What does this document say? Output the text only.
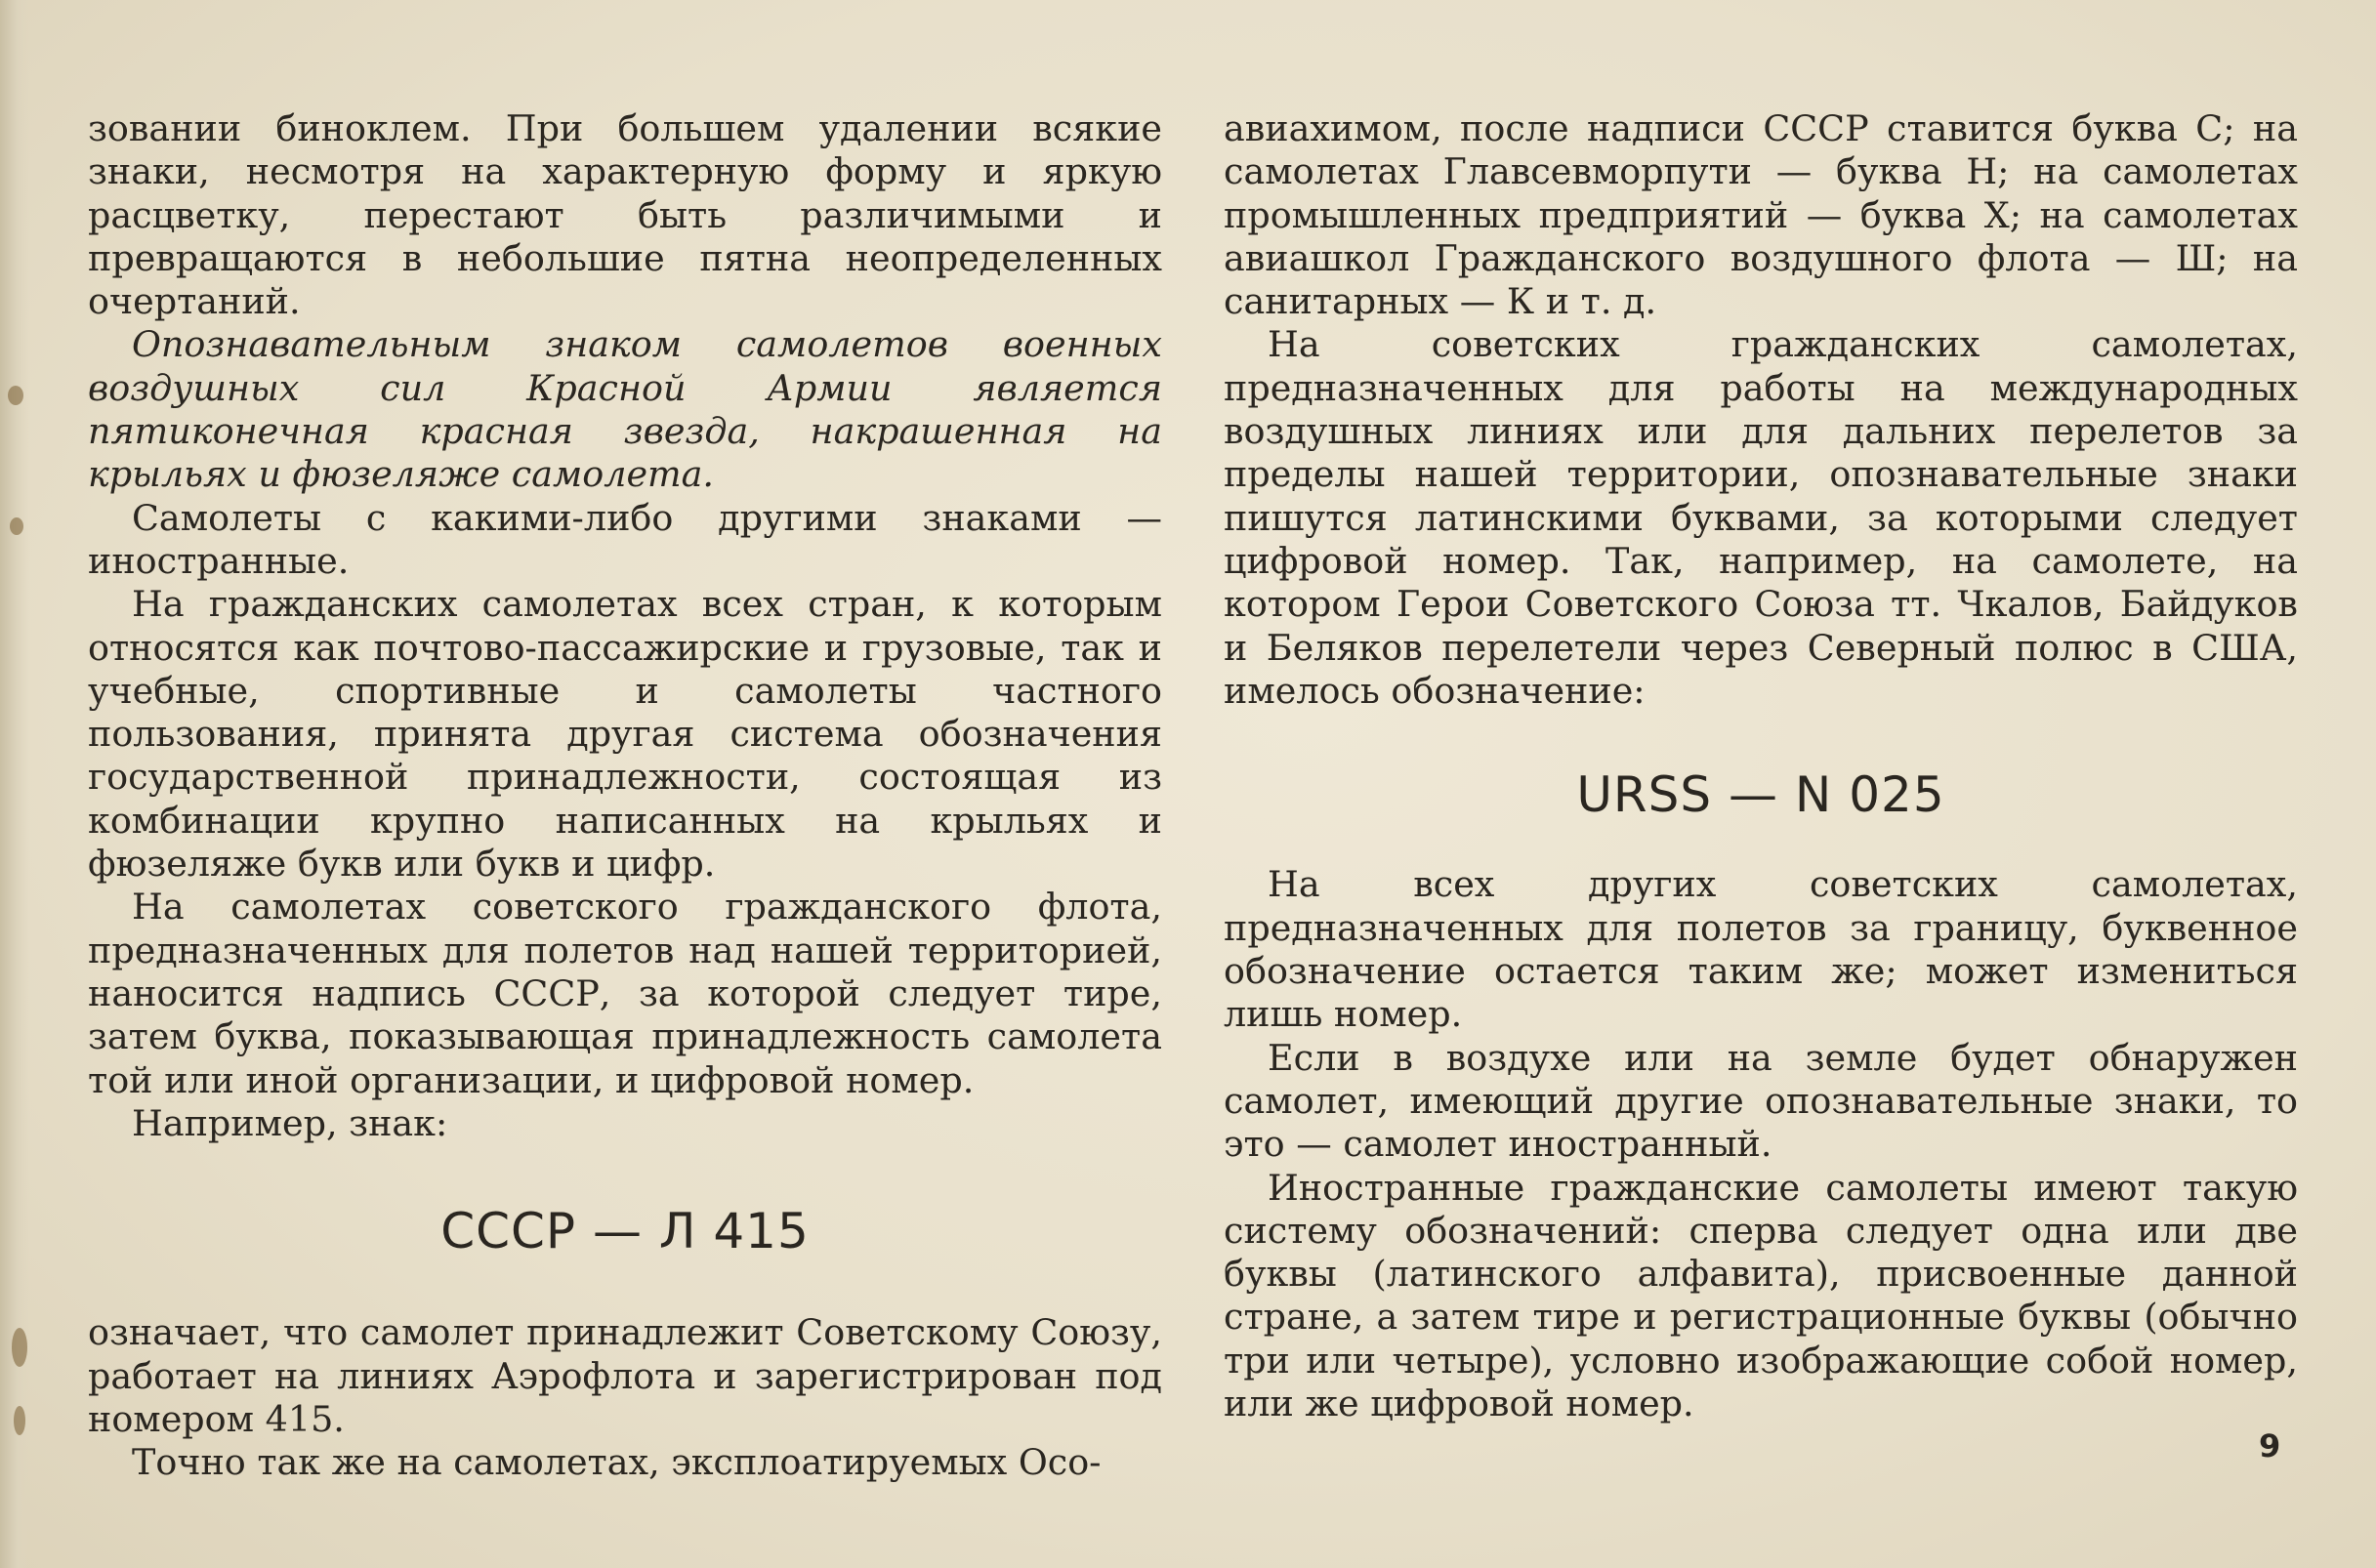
зовании биноклем. При большем удалении всякие знаки, несмотря на характерную форму и яркую расцветку, перестают быть различимыми и превращаются в небольшие пятна неопределенных очертаний.

Опознавательным знаком самолетов военных воздушных сил Красной Армии является пятиконечная красная звезда, накрашенная на крыльях и фюзеляже самолета.

Самолеты с какими-либо другими знаками — иностранные.

На гражданских самолетах всех стран, к которым относятся как почтово-пассажирские и грузовые, так и учебные, спортивные и самолеты частного пользования, принята другая система обозначения государственной принадлежности, состоящая из комбинации крупно написанных на крыльях и фюзеляже букв или букв и цифр.

На самолетах советского гражданского флота, предназначенных для полетов над нашей территорией, наносится надпись СССР, за которой следует тире, затем буква, показывающая принадлежность самолета той или иной организации, и цифровой номер.

Например, знак:

СССР — Л 415

означает, что самолет принадлежит Советскому Союзу, работает на линиях Аэрофлота и зарегистрирован под номером 415.

Точно так же на самолетах, эксплоатируемых Осо-

авиахимом, после надписи СССР ставится буква С; на самолетах Главсевморпути — буква Н; на самолетах промышленных предприятий — буква Х; на самолетах авиашкол Гражданского воздушного флота — Ш; на санитарных — К и т. д.

На советских гражданских самолетах, предназначенных для работы на международных воздушных линиях или для дальних перелетов за пределы нашей территории, опознавательные знаки пишутся латинскими буквами, за которыми следует цифровой номер. Так, например, на самолете, на котором Герои Советского Союза тт. Чкалов, Байдуков и Беляков перелетели через Северный полюс в США, имелось обозначение:

URSS — N 025

На всех других советских самолетах, предназначенных для полетов за границу, буквенное обозначение остается таким же; может измениться лишь номер.

Если в воздухе или на земле будет обнаружен самолет, имеющий другие опознавательные знаки, то это — самолет иностранный.

Иностранные гражданские самолеты имеют такую систему обозначений: сперва следует одна или две буквы (латинского алфавита), присвоенные данной стране, а затем тире и регистрационные буквы (обычно три или четыре), условно изображающие собой номер, или же цифровой номер.

9
